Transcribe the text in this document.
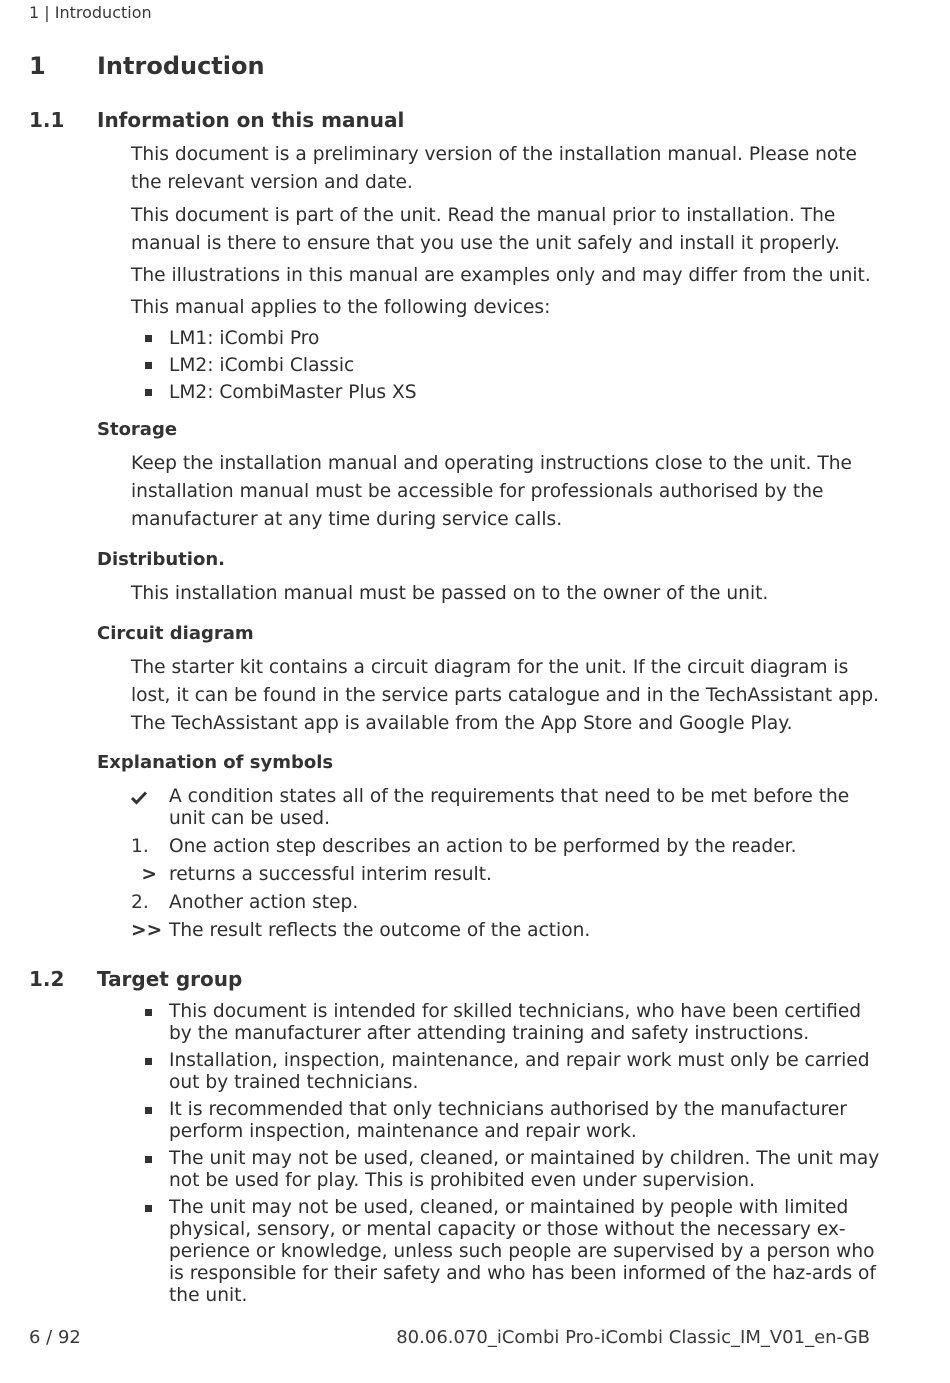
1 | Introduction
1 Introduction
1.1 Information on this manual
This document is a preliminary version of the installation manual. Please note the relevant version and date.
This document is part of the unit. Read the manual prior to installation. The manual is there to ensure that you use the unit safely and install it properly.
The illustrations in this manual are examples only and may differ from the unit.
This manual applies to the following devices:
LM1: iCombi Pro
LM2: iCombi Classic
LM2: CombiMaster Plus XS
Storage
Keep the installation manual and operating instructions close to the unit. The installation manual must be accessible for professionals authorised by the manufacturer at any time during service calls.
Distribution.
This installation manual must be passed on to the owner of the unit.
Circuit diagram
The starter kit contains a circuit diagram for the unit. If the circuit diagram is lost, it can be found in the service parts catalogue and in the TechAssistant app. The TechAssistant app is available from the App Store and Google Play.
Explanation of symbols
A condition states all of the requirements that need to be met before the unit can be used.
1.	One action step describes an action to be performed by the reader.
> returns a successful interim result.
2.	Another action step.
>> The result reflects the outcome of the action.
1.2 Target group
This document is intended for skilled technicians, who have been certified by the manufacturer after attending training and safety instructions.
Installation, inspection, maintenance, and repair work must only be carried out by trained technicians.
It is recommended that only technicians authorised by the manufacturer perform inspection, maintenance and repair work.
The unit may not be used, cleaned, or maintained by children. The unit may not be used for play. This is prohibited even under supervision.
The unit may not be used, cleaned, or maintained by people with limited physical, sensory, or mental capacity or those without the necessary ex-perience or knowledge, unless such people are supervised by a person who is responsible for their safety and who has been informed of the haz-ards of the unit.
6 / 92	80.06.070_iCombi Pro-iCombi Classic_IM_V01_en-GB
